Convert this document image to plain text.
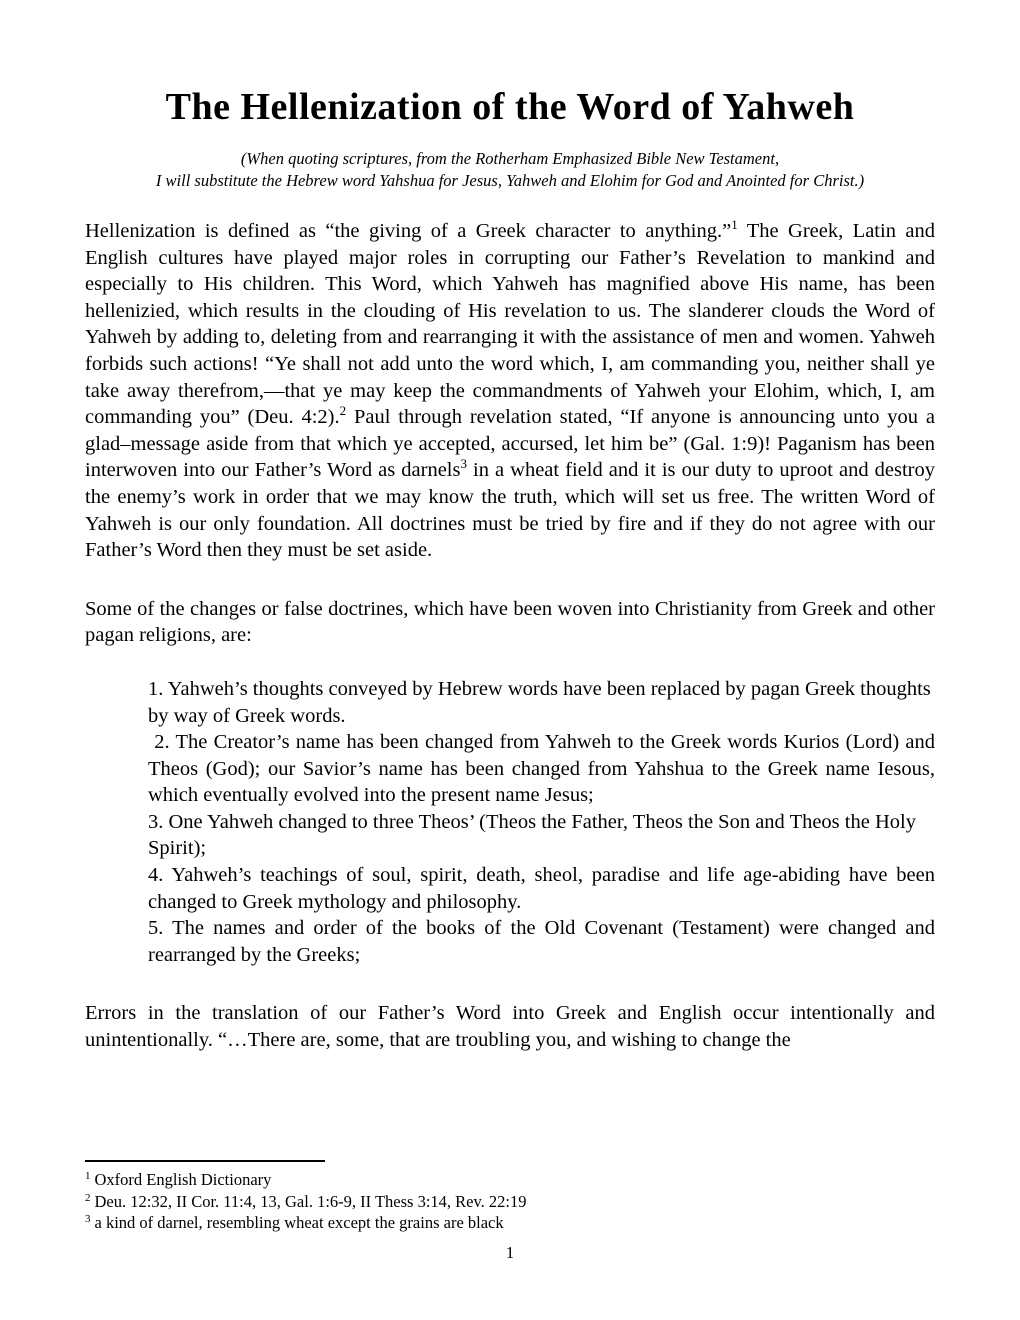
The Hellenization of the Word of Yahweh

(When quoting scriptures, from the Rotherham Emphasized Bible New Testament,
I will substitute the Hebrew word Yahshua for Jesus, Yahweh and Elohim for God and Anointed for Christ.)

Hellenization is defined as “the giving of a Greek character to anything.”$^1$ The Greek, Latin and English cultures have played major roles in corrupting our Father’s Revelation to mankind and especially to His children. This Word, which Yahweh has magnified above His name, has been hellenizied, which results in the clouding of His revelation to us. The slanderer clouds the Word of Yahweh by adding to, deleting from and rearranging it with the assistance of men and women. Yahweh forbids such actions! “Ye shall not add unto the word which, I, am commanding you, neither shall ye take away therefrom,—that ye may keep the commandments of Yahweh your Elohim, which, I, am commanding you” (Deu. 4:2).$^2$ Paul through revelation stated, “If anyone is announcing unto you a glad–message aside from that which ye accepted, accursed, let him be” (Gal. 1:9)! Paganism has been interwoven into our Father’s Word as darnels$^3$ in a wheat field and it is our duty to uproot and destroy the enemy’s work in order that we may know the truth, which will set us free. The written Word of Yahweh is our only foundation. All doctrines must be tried by fire and if they do not agree with our Father’s Word then they must be set aside.

Some of the changes or false doctrines, which have been woven into Christianity from Greek and other pagan religions, are:

1. Yahweh’s thoughts conveyed by Hebrew words have been replaced by pagan Greek thoughts by way of Greek words.
2. The Creator’s name has been changed from Yahweh to the Greek words Kurios (Lord) and Theos (God); our Savior’s name has been changed from Yahshua to the Greek name Iesous, which eventually evolved into the present name Jesus;
3. One Yahweh changed to three Theos’ (Theos the Father, Theos the Son and Theos the Holy Spirit);
4. Yahweh’s teachings of soul, spirit, death, sheol, paradise and life age-abiding have been changed to Greek mythology and philosophy.
5. The names and order of the books of the Old Covenant (Testament) were changed and rearranged by the Greeks;

Errors in the translation of our Father’s Word into Greek and English occur intentionally and unintentionally. “…There are, some, that are troubling you, and wishing to change the

$^1$ Oxford English Dictionary
$^2$ Deu. 12:32, II Cor. 11:4, 13, Gal. 1:6-9, II Thess 3:14, Rev. 22:19
$^3$ a kind of darnel, resembling wheat except the grains are black
1
